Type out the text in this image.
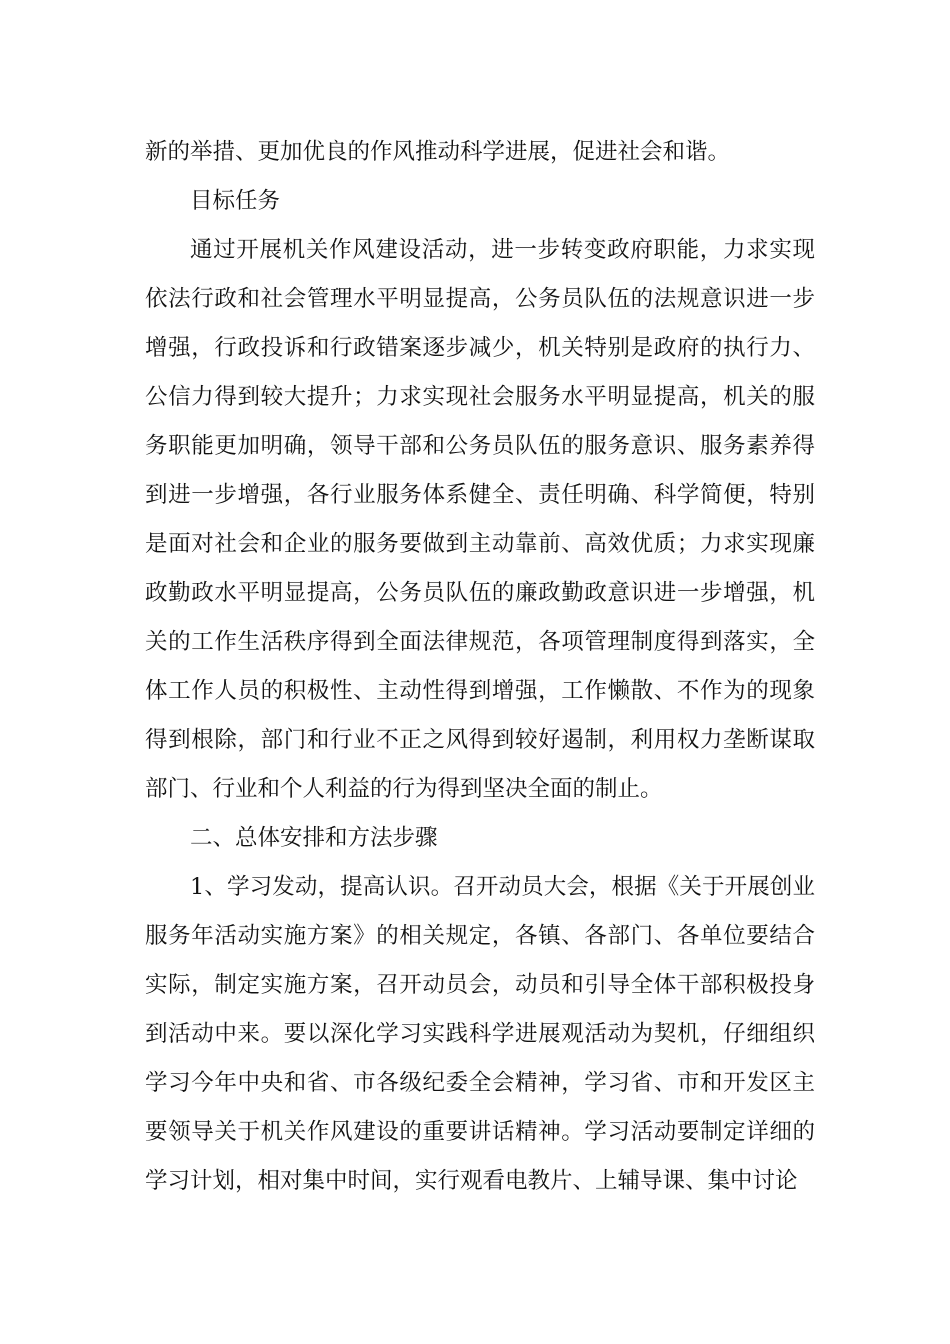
新的举措、更加优良的作风推动科学进展，促进社会和谐。
目标任务
通过开展机关作风建设活动，进一步转变政府职能，力求实现
依法行政和社会管理水平明显提高，公务员队伍的法规意识进一步
增强，行政投诉和行政错案逐步减少，机关特别是政府的执行力、
公信力得到较大提升；力求实现社会服务水平明显提高，机关的服
务职能更加明确，领导干部和公务员队伍的服务意识、服务素养得
到进一步增强，各行业服务体系健全、责任明确、科学简便，特别
是面对社会和企业的服务要做到主动靠前、高效优质；力求实现廉
政勤政水平明显提高，公务员队伍的廉政勤政意识进一步增强，机
关的工作生活秩序得到全面法律规范，各项管理制度得到落实，全
体工作人员的积极性、主动性得到增强，工作懒散、不作为的现象
得到根除，部门和行业不正之风得到较好遏制，利用权力垄断谋取
部门、行业和个人利益的行为得到坚决全面的制止。
二、总体安排和方法步骤
1、学习发动，提高认识。召开动员大会，根据《关于开展创业
服务年活动实施方案》的相关规定，各镇、各部门、各单位要结合
实际，制定实施方案，召开动员会，动员和引导全体干部积极投身
到活动中来。要以深化学习实践科学进展观活动为契机，仔细组织
学习今年中央和省、市各级纪委全会精神，学习省、市和开发区主
要领导关于机关作风建设的重要讲话精神。学习活动要制定详细的
学习计划，相对集中时间，实行观看电教片、上辅导课、集中讨论
